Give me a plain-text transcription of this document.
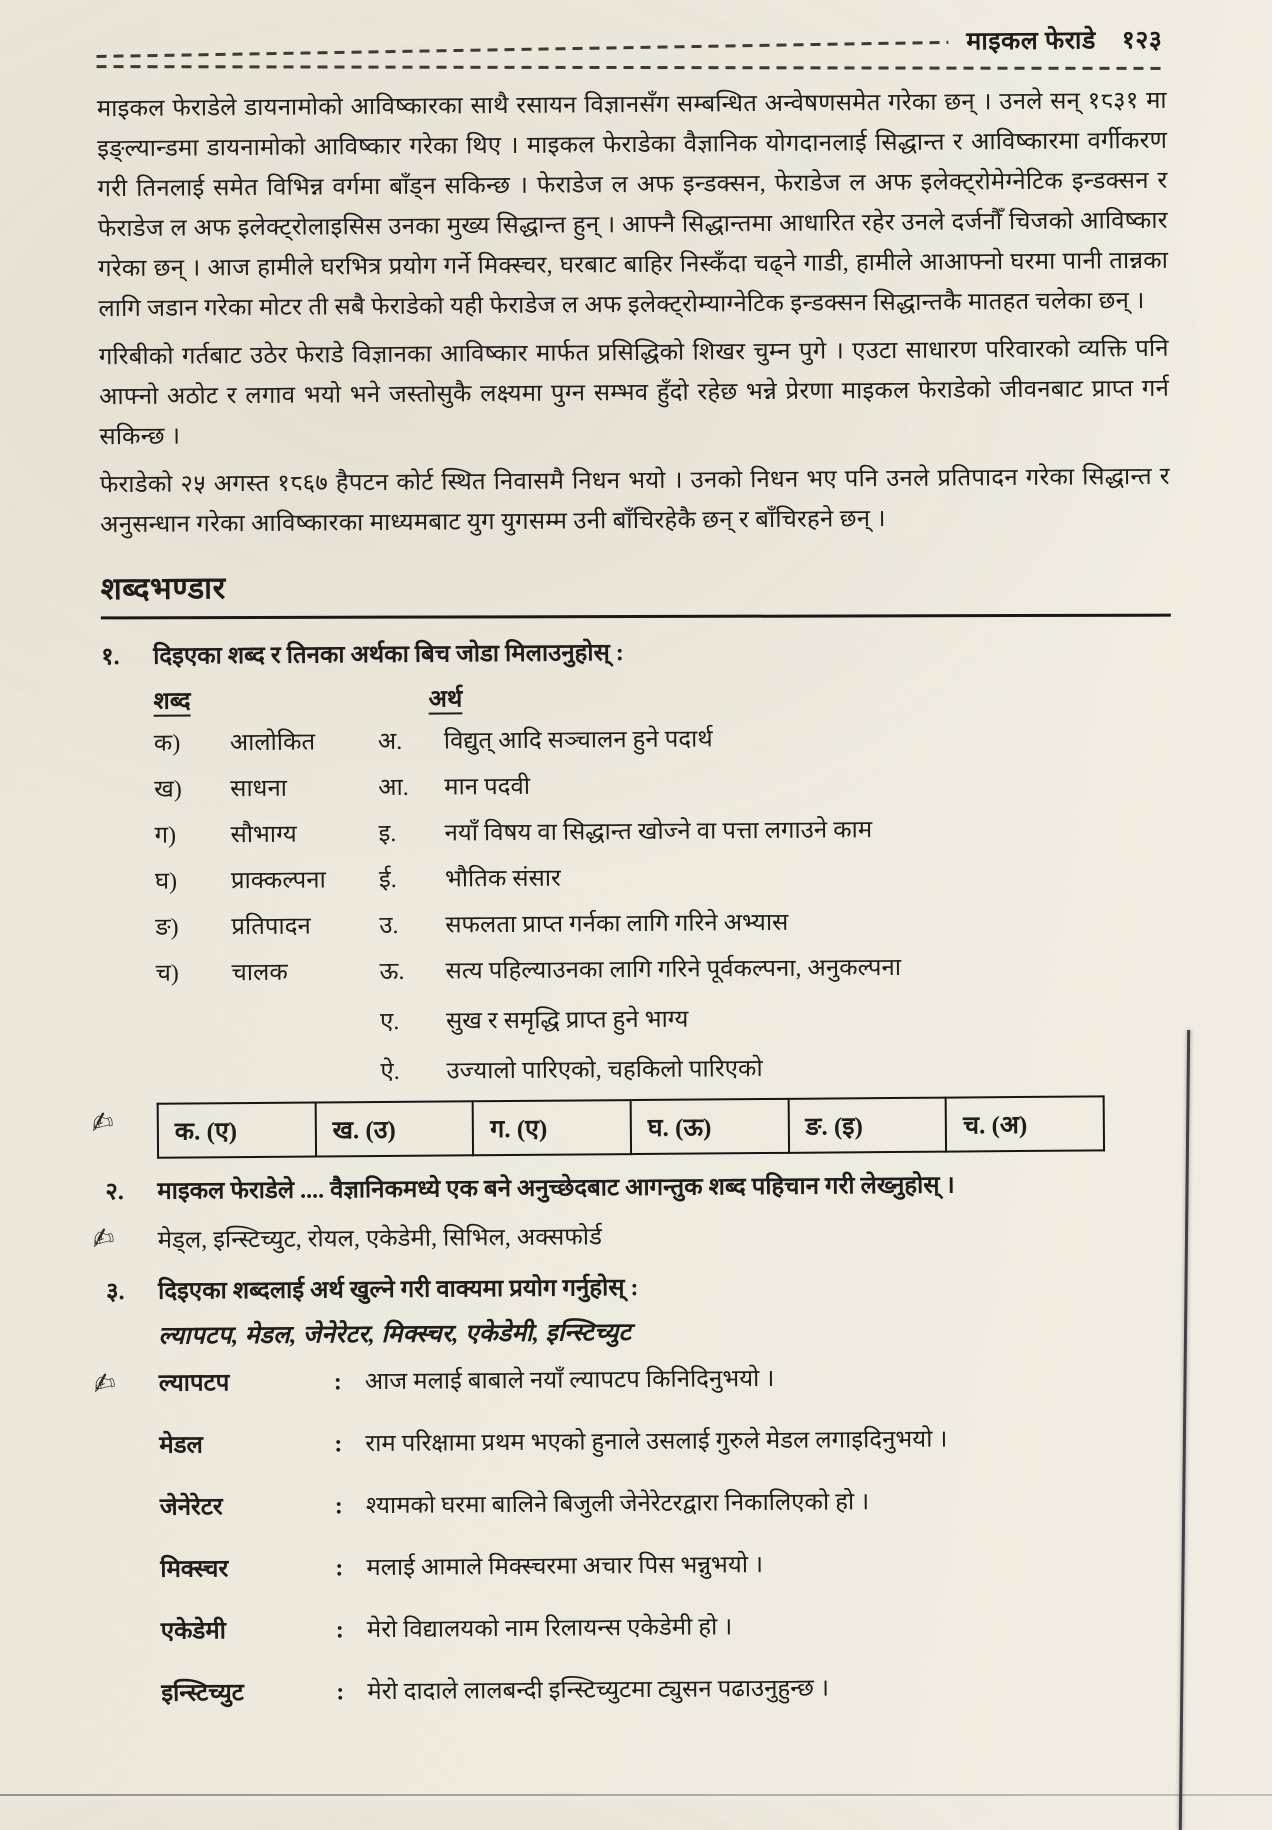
माइकल फेराडे १२३

माइकल फेराडेले डायनामोको आविष्कारका साथै रसायन विज्ञानसँग सम्बन्धित अन्वेषणसमेत गरेका छन् । उनले सन् १८३१ मा इङ्ल्यान्डमा डायनामोको आविष्कार गरेका थिए । माइकल फेराडेका वैज्ञानिक योगदानलाई सिद्धान्त र आविष्कारमा वर्गीकरण गरी तिनलाई समेत विभिन्न वर्गमा बाँड्न सकिन्छ । फेराडेज ल अफ इन्डक्सन, फेराडेज ल अफ इलेक्ट्रोमेग्नेटिक इन्डक्सन र फेराडेज ल अफ इलेक्ट्रोलाइसिस उनका मुख्य सिद्धान्त हुन् । आफ्नै सिद्धान्तमा आधारित रहेर उनले दर्जनौँ चिजको आविष्कार गरेका छन् । आज हामीले घरभित्र प्रयोग गर्ने मिक्स्चर, घरबाट बाहिर निस्कँदा चढ्ने गाडी, हामीले आआफ्नो घरमा पानी तान्नका लागि जडान गरेका मोटर ती सबै फेराडेको यही फेराडेज ल अफ इलेक्ट्रोम्याग्नेटिक इन्डक्सन सिद्धान्तकै मातहत चलेका छन् ।

गरिबीको गर्तबाट उठेर फेराडे विज्ञानका आविष्कार मार्फत प्रसिद्धिको शिखर चुम्न पुगे । एउटा साधारण परिवारको व्यक्ति पनि आफ्नो अठोट र लगाव भयो भने जस्तोसुकै लक्ष्यमा पुग्न सम्भव हुँदो रहेछ भन्ने प्रेरणा माइकल फेराडेको जीवनबाट प्राप्त गर्न सकिन्छ ।

फेराडेको २५ अगस्त १८६७ हैपटन कोर्ट स्थित निवासमै निधन भयो । उनको निधन भए पनि उनले प्रतिपादन गरेका सिद्धान्त र अनुसन्धान गरेका आविष्कारका माध्यमबाट युग युगसम्म उनी बाँचिरहेकै छन् र बाँचिरहने छन् ।

शब्दभण्डार
१.	दिइएका शब्द र तिनका अर्थका बिच जोडा मिलाउनुहोस् :
शब्द	अर्थ
क)	आलोकित	अ.	विद्युत् आदि सञ्चालन हुने पदार्थ
ख)	साधना	आ.	मान पदवी
ग)	सौभाग्य	इ.	नयाँ विषय वा सिद्धान्त खोज्ने वा पत्ता लगाउने काम
घ)	प्राक्कल्पना	ई.	भौतिक संसार
ङ)	प्रतिपादन	उ.	सफलता प्राप्त गर्नका लागि गरिने अभ्यास
च)	चालक	ऊ.	सत्य पहिल्याउनका लागि गरिने पूर्वकल्पना, अनुकल्पना
ए.	सुख र समृद्धि प्राप्त हुने भाग्य
ऐ.	उज्यालो पारिएको, चहकिलो पारिएको
✍ क. (ए)	ख. (उ)	ग. (ए)	घ. (ऊ)	ङ. (इ)	च. (अ)
२.	माइकल फेराडेले .... वैज्ञानिकमध्ये एक बने अनुच्छेदबाट आगन्तुक शब्द पहिचान गरी लेख्नुहोस् ।
✍ मेड्ल, इन्स्टिच्युट, रोयल, एकेडेमी, सिभिल, अक्सफोर्ड
३.	दिइएका शब्दलाई अर्थ खुल्ने गरी वाक्यमा प्रयोग गर्नुहोस् :
ल्यापटप, मेडल, जेनेरेटर, मिक्स्चर, एकेडेमी, इन्स्टिच्युट
✍ ल्यापटप	: आज मलाई बाबाले नयाँ ल्यापटप किनिदिनुभयो ।
मेडल	: राम परिक्षामा प्रथम भएको हुनाले उसलाई गुरुले मेडल लगाइदिनुभयो ।
जेनेरेटर	: श्यामको घरमा बालिने बिजुली जेनेरेटरद्वारा निकालिएको हो ।
मिक्स्चर	: मलाई आमाले मिक्स्चरमा अचार पिस भन्नुभयो ।
एकेडेमी	: मेरो विद्यालयको नाम रिलायन्स एकेडेमी हो ।
इन्स्टिच्युट	: मेरो दादाले लालबन्दी इन्स्टिच्युटमा ट्युसन पढाउनुहुन्छ ।
